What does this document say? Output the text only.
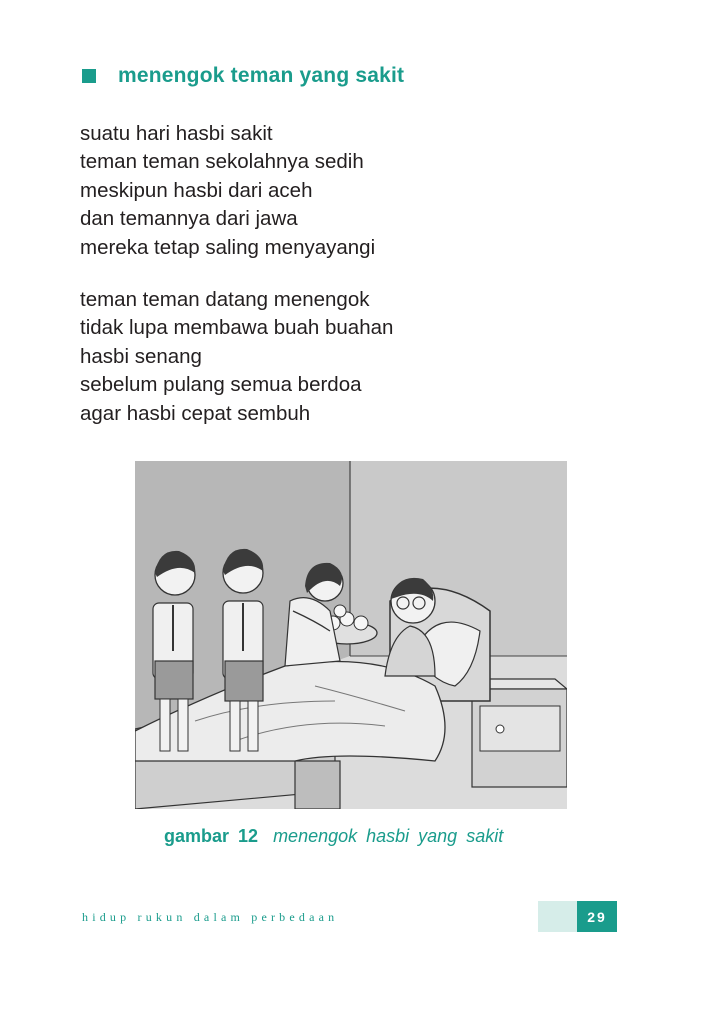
menengok teman yang sakit
suatu hari hasbi sakit
teman teman sekolahnya sedih
meskipun hasbi dari aceh
dan temannya dari jawa
mereka tetap saling menyayangi
teman teman datang menengok
tidak lupa membawa buah buahan
hasbi senang
sebelum pulang semua berdoa
agar hasbi cepat sembuh
gambar 12 menengok hasbi yang sakit
hidup rukun dalam perbedaan	29
